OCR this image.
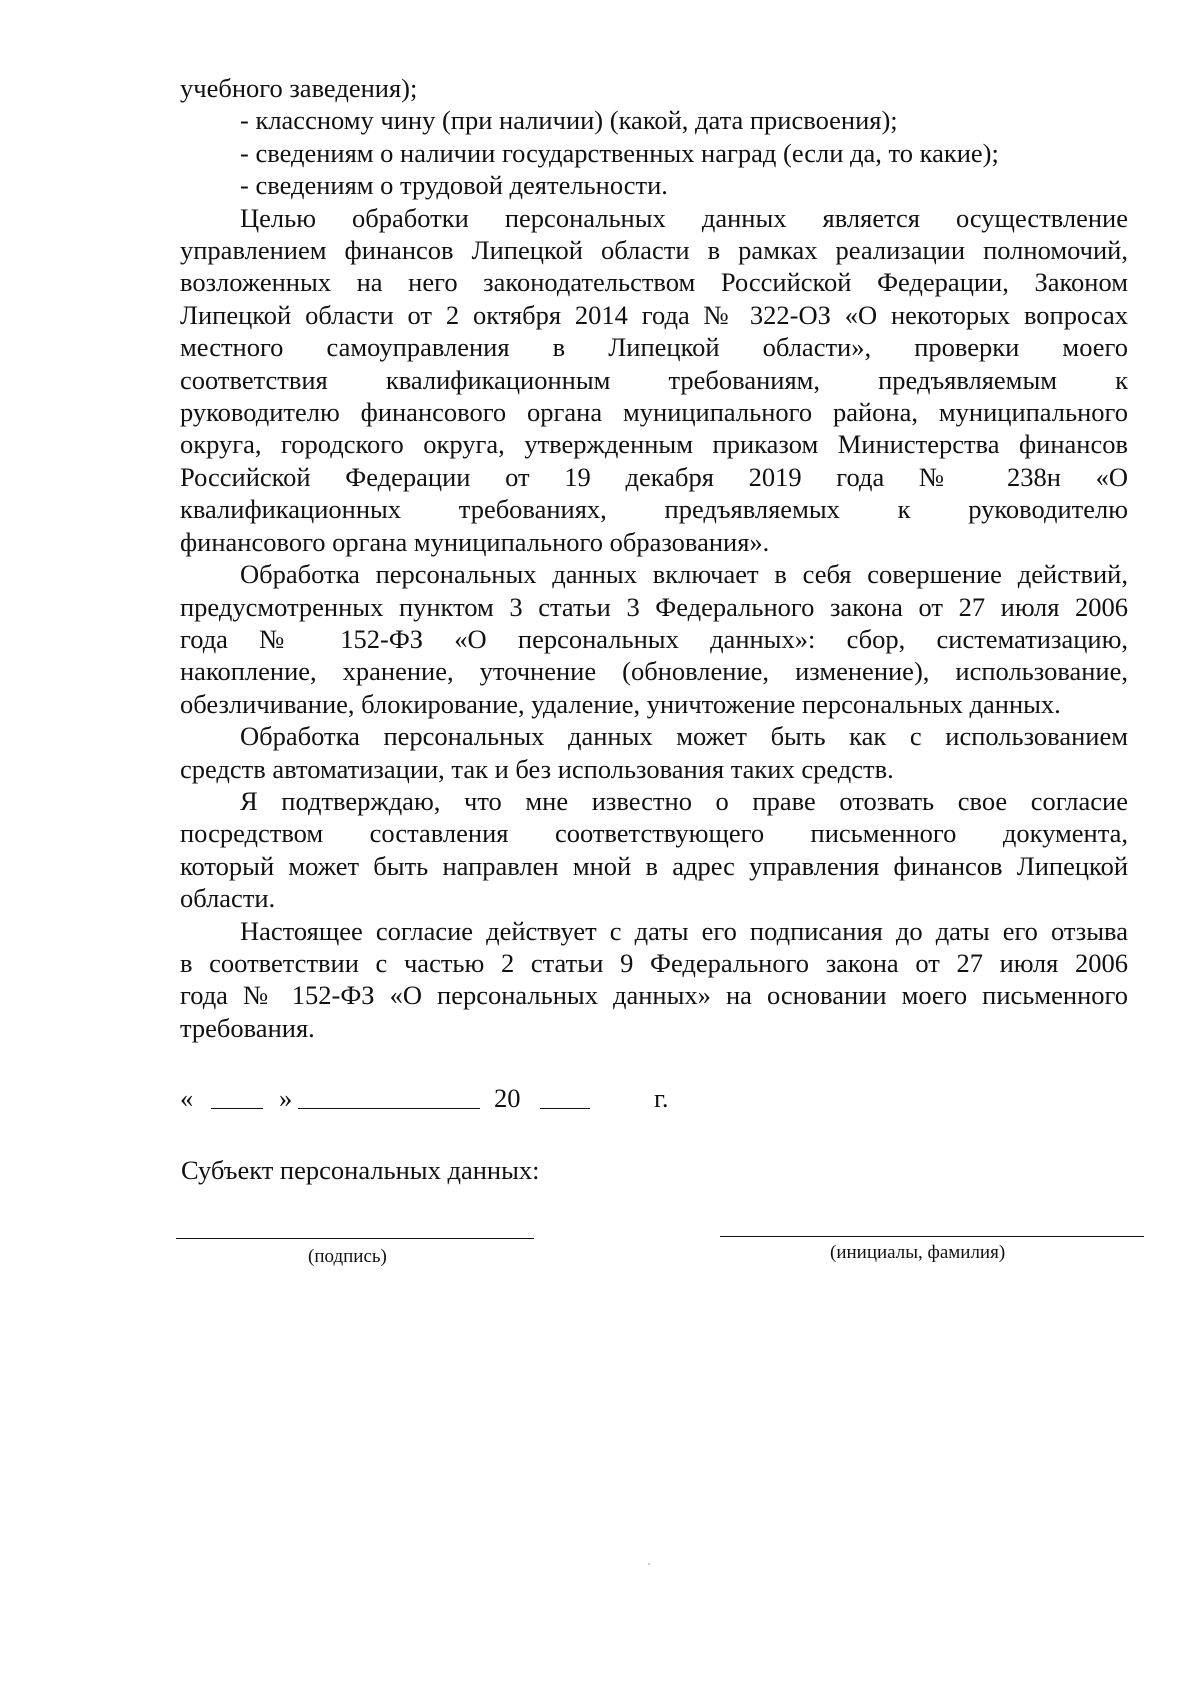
учебного заведения);
- классному чину (при наличии) (какой, дата присвоения);
- сведениям о наличии государственных наград (если да, то какие);
- сведениям о трудовой деятельности.
Целью обработки персональных данных является осуществление
управлением финансов Липецкой области в рамках реализации полномочий,
возложенных на него законодательством Российской Федерации, Законом
Липецкой области от 2 октября 2014 года № 322-ОЗ «О некоторых вопросах
местного самоуправления в Липецкой области», проверки моего
соответствия квалификационным требованиям, предъявляемым к
руководителю финансового органа муниципального района, муниципального
округа, городского округа, утвержденным приказом Министерства финансов
Российской Федерации от 19 декабря 2019 года № 238н «О
квалификационных требованиях, предъявляемых к руководителю
финансового органа муниципального образования».
Обработка персональных данных включает в себя совершение действий,
предусмотренных пунктом 3 статьи 3 Федерального закона от 27 июля 2006
года № 152-ФЗ «О персональных данных»: сбор, систематизацию,
накопление, хранение, уточнение (обновление, изменение), использование,
обезличивание, блокирование, удаление, уничтожение персональных данных.
Обработка персональных данных может быть как с использованием
средств автоматизации, так и без использования таких средств.
Я подтверждаю, что мне известно о праве отозвать свое согласие
посредством составления соответствующего письменного документа,
который может быть направлен мной в адрес управления финансов Липецкой
области.
Настоящее согласие действует с даты его подписания до даты его отзыва
в соответствии с частью 2 статьи 9 Федерального закона от 27 июля 2006
года № 152-ФЗ «О персональных данных» на основании моего письменного
требования.
«	»	20	г.
Субъект персональных данных:
(подпись)	(инициалы, фамилия)
